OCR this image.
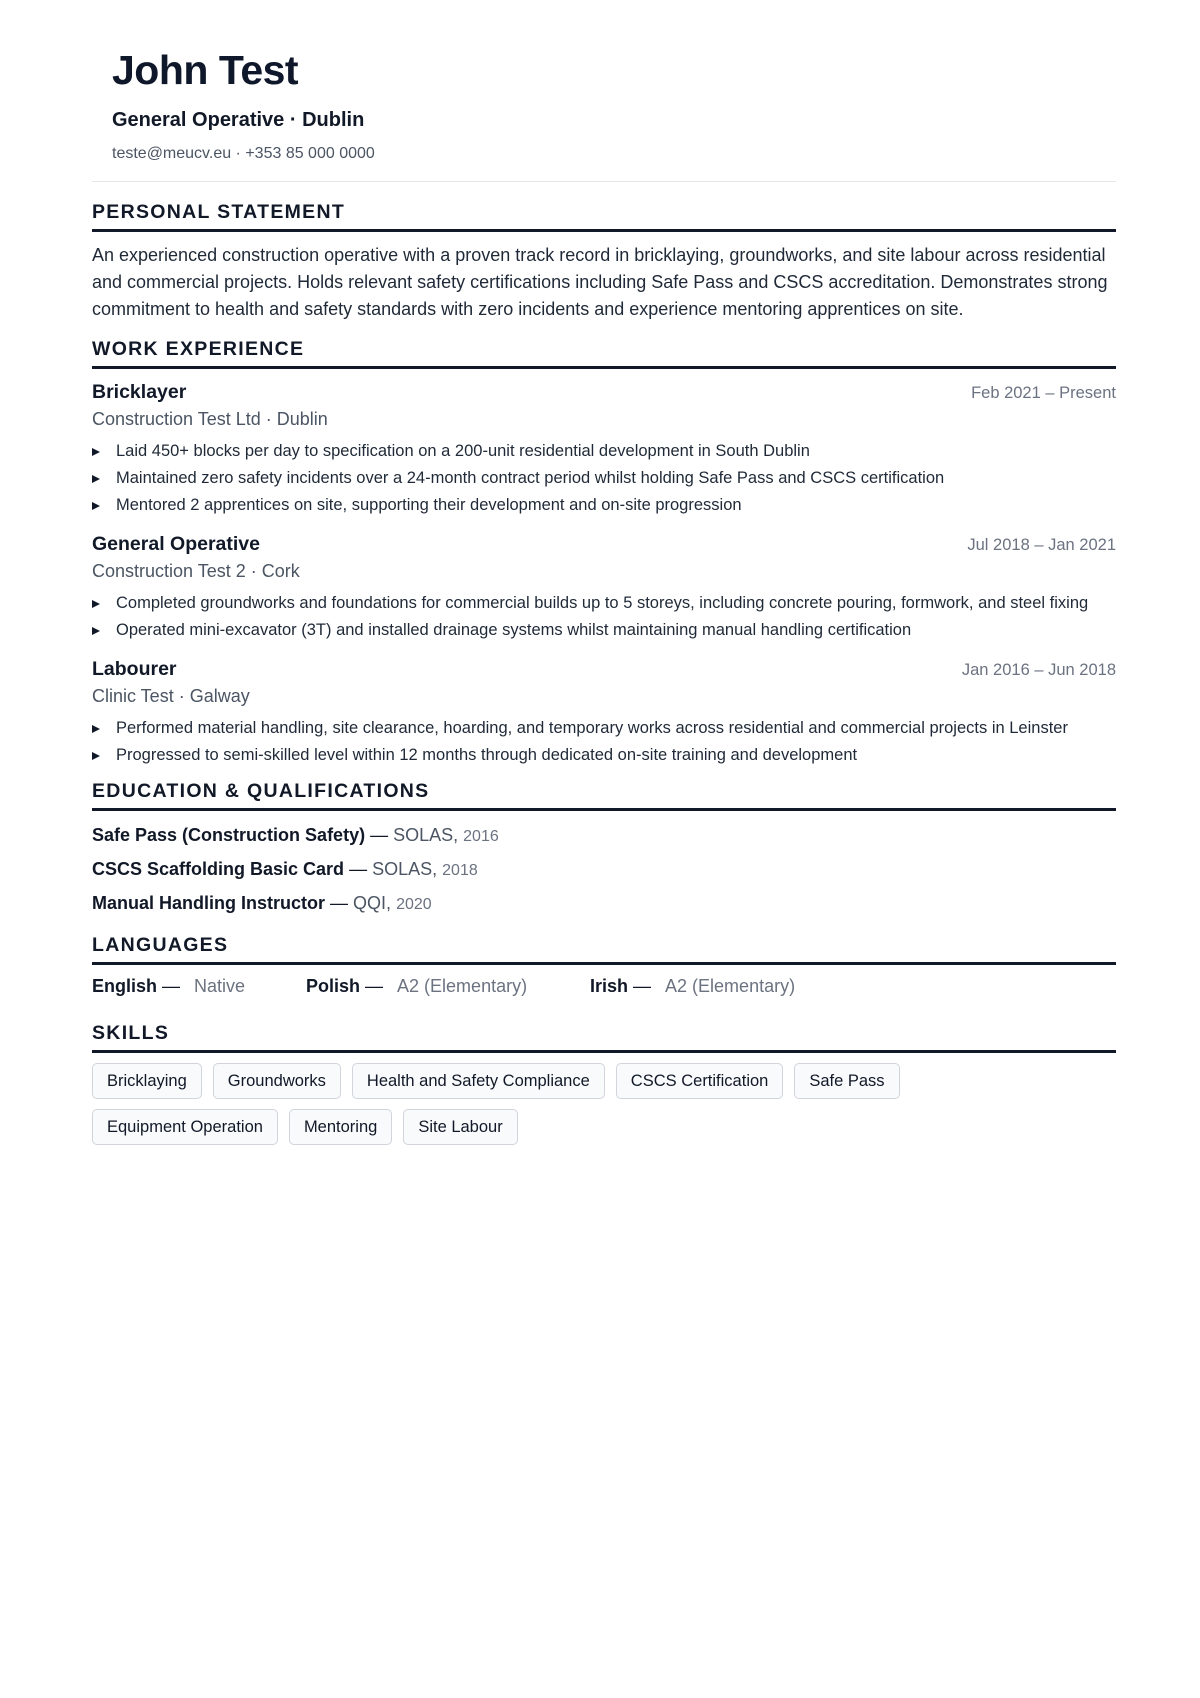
John Test
General Operative · Dublin
teste@meucv.eu · +353 85 000 0000
PERSONAL STATEMENT

An experienced construction operative with a proven track record in bricklaying, groundworks, and site labour across residential and commercial projects. Holds relevant safety certifications including Safe Pass and CSCS accreditation. Demonstrates strong commitment to health and safety standards with zero incidents and experience mentoring apprentices on site.

WORK EXPERIENCE
Bricklayer	Feb 2021 – Present
Construction Test Ltd · Dublin
Laid 450+ blocks per day to specification on a 200-unit residential development in South Dublin
Maintained zero safety incidents over a 24-month contract period whilst holding Safe Pass and CSCS certification
Mentored 2 apprentices on site, supporting their development and on-site progression
General Operative	Jul 2018 – Jan 2021
Construction Test 2 · Cork
Completed groundworks and foundations for commercial builds up to 5 storeys, including concrete pouring, formwork, and steel fixing
Operated mini-excavator (3T) and installed drainage systems whilst maintaining manual handling certification
Labourer	Jan 2016 – Jun 2018
Clinic Test · Galway
Performed material handling, site clearance, hoarding, and temporary works across residential and commercial projects in Leinster
Progressed to semi-skilled level within 12 months through dedicated on-site training and development
EDUCATION & QUALIFICATIONS
Safe Pass (Construction Safety) — SOLAS, 2016
CSCS Scaffolding Basic Card — SOLAS, 2018
Manual Handling Instructor — QQI, 2020
LANGUAGES
English — Native	Polish — A2 (Elementary)	Irish — A2 (Elementary)
SKILLS
Bricklaying	Groundworks	Health and Safety Compliance	CSCS Certification	Safe Pass
Equipment Operation	Mentoring	Site Labour
